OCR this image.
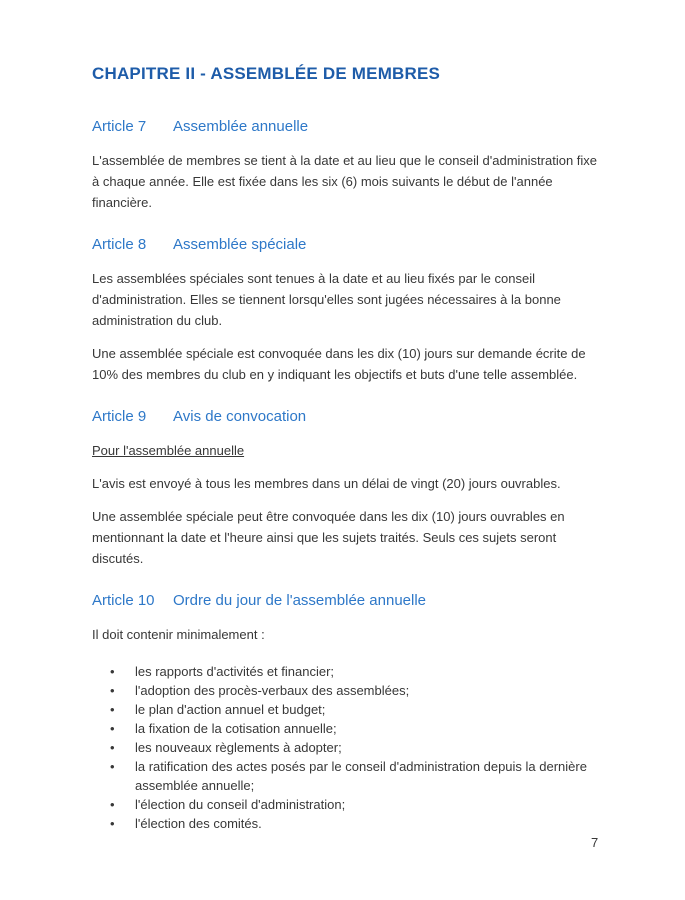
CHAPITRE II - ASSEMBLÉE DE MEMBRES
Article 7	Assemblée annuelle

L'assemblée de membres se tient à la date et au lieu que le conseil d'administration fixe à chaque année. Elle est fixée dans les six (6) mois suivants le début de l'année financière.

Article 8	Assemblée spéciale

Les assemblées spéciales sont tenues à la date et au lieu fixés par le conseil d'administration. Elles se tiennent lorsqu'elles sont jugées nécessaires à la bonne administration du club.

Une assemblée spéciale est convoquée dans les dix (10) jours sur demande écrite de 10% des membres du club en y indiquant les objectifs et buts d'une telle assemblée.

Article 9	Avis de convocation
Pour l'assemblée annuelle

L'avis est envoyé à tous les membres dans un délai de vingt (20) jours ouvrables.

Une assemblée spéciale peut être convoquée dans les dix (10) jours ouvrables en mentionnant la date et l'heure ainsi que les sujets traités. Seuls ces sujets seront discutés.

Article 10	Ordre du jour de l'assemblée annuelle

Il doit contenir minimalement :

• les rapports d'activités et financier;
• l'adoption des procès-verbaux des assemblées;
• le plan d'action annuel et budget;
• la fixation de la cotisation annuelle;
• les nouveaux règlements à adopter;
• la ratification des actes posés par le conseil d'administration depuis la dernière assemblée annuelle;
• l'élection du conseil d'administration;
• l'élection des comités.
7
